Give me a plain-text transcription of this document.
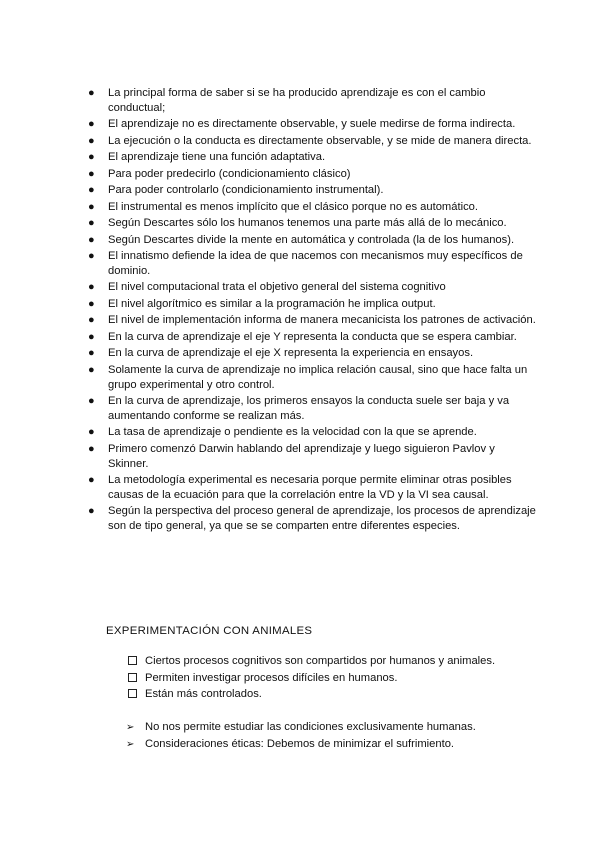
● La principal forma de saber si se ha producido aprendizaje es con el cambio conductual;
● El aprendizaje no es directamente observable, y suele medirse de forma indirecta.
● La ejecución o la conducta es directamente observable, y se mide de manera directa.
● El aprendizaje tiene una función adaptativa.
● Para poder predecirlo (condicionamiento clásico)
● Para poder controlarlo (condicionamiento instrumental).
● El instrumental es menos implícito que el clásico porque no es automático.
● Según Descartes sólo los humanos tenemos una parte más allá de lo mecánico.
● Según Descartes divide la mente en automática y controlada (la de los humanos).
● El innatismo defiende la idea de que nacemos con mecanismos muy específicos de dominio.
● El nivel computacional trata el objetivo general del sistema cognitivo
● El nivel algorítmico es similar a la programación he implica output.
● El nivel de implementación informa de manera mecanicista los patrones de activación.
● En la curva de aprendizaje el eje Y representa la conducta que se espera cambiar.
● En la curva de aprendizaje el eje X representa la experiencia en ensayos.
● Solamente la curva de aprendizaje no implica relación causal, sino que hace falta un grupo experimental y otro control.
● En la curva de aprendizaje, los primeros ensayos la conducta suele ser baja y va aumentando conforme se realizan más.
● La tasa de aprendizaje o pendiente es la velocidad con la que se aprende.
● Primero comenzó Darwin hablando del aprendizaje y luego siguieron Pavlov y Skinner.
● La metodología experimental es necesaria porque permite eliminar otras posibles causas de la ecuación para que la correlación entre la VD y la VI sea causal.
● Según la perspectiva del proceso general de aprendizaje, los procesos de aprendizaje son de tipo general, ya que se se comparten entre diferentes especies.
EXPERIMENTACIÓN CON ANIMALES
Ciertos procesos cognitivos son compartidos por humanos y animales.
Permiten investigar procesos difíciles en humanos.
Están más controlados.
➢ No nos permite estudiar las condiciones exclusivamente humanas.
➢ Consideraciones éticas: Debemos de minimizar el sufrimiento.
